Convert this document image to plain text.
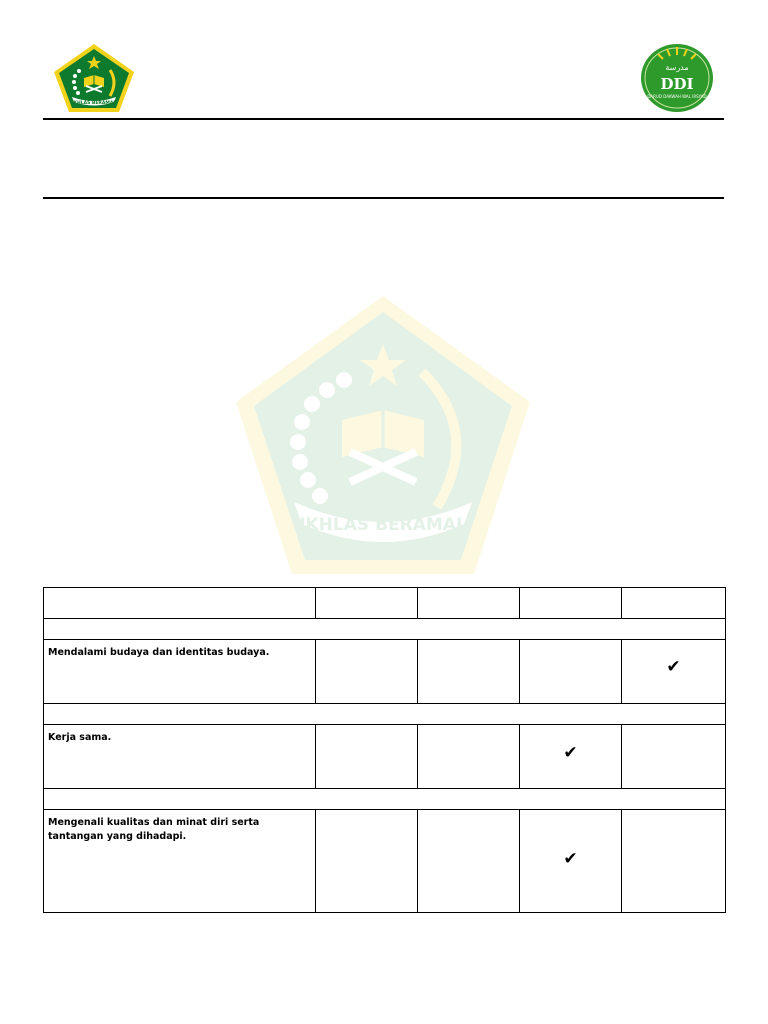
IKHLAS BERAMAL
مدرسة
DDI
DARUD DAKWAH WAL IRSYAD
IKHLAS BERAMAL

Mendalami budaya dan identitas budaya.				✔

Kerja sama.			✔	

Mengenali kualitas dan minat diri serta tantangan yang dihadapi.			✔	
